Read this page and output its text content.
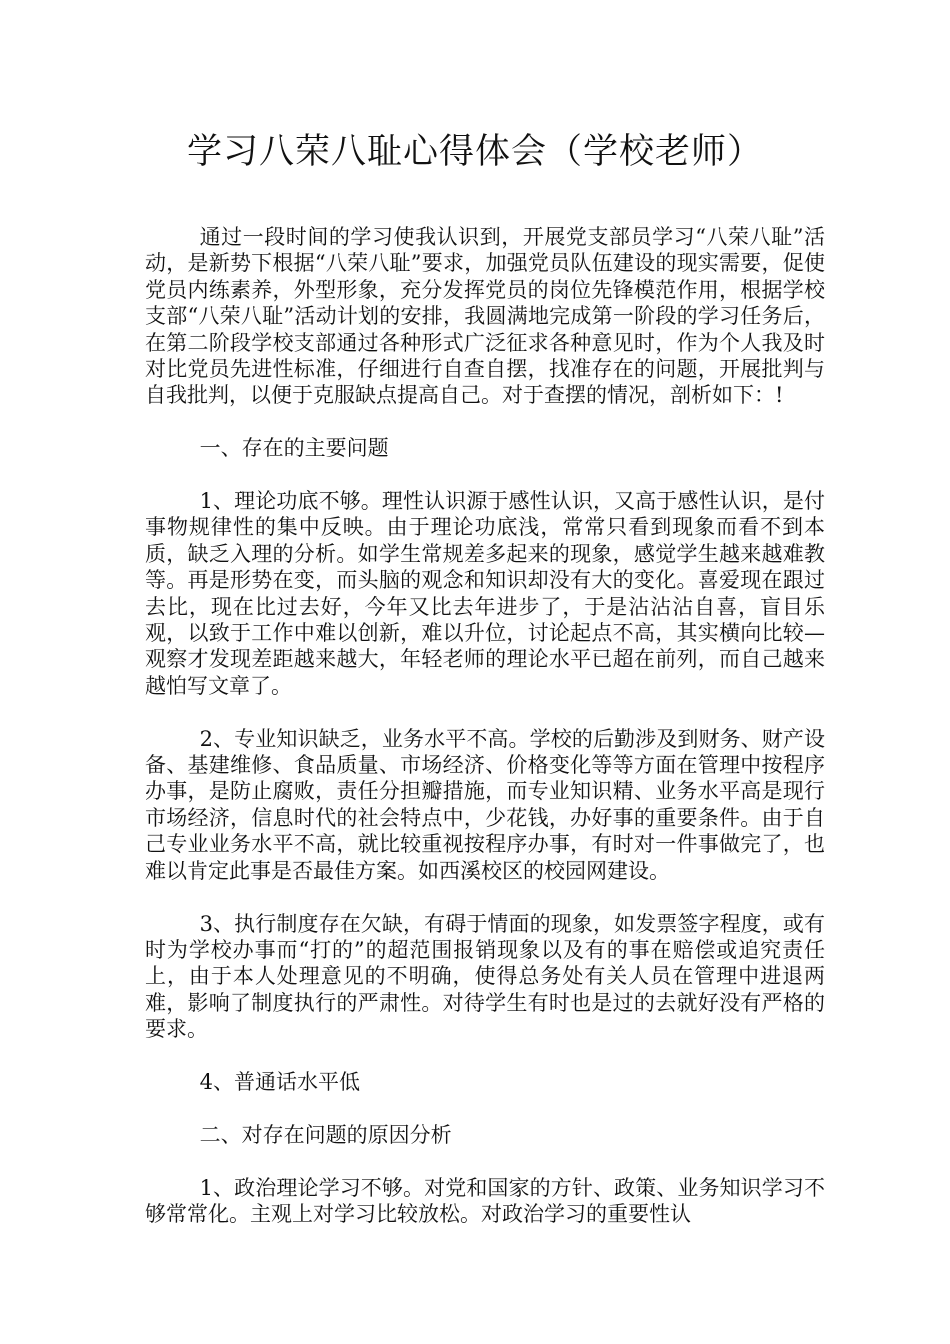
学习八荣八耻心得体会（学校老师）

通过一段时间的学习使我认识到，开展党支部员学习“八荣八耻”活动，是新势下根据“八荣八耻”要求，加强党员队伍建设的现实需要，促使党员内练素养，外型形象，充分发挥党员的岗位先锋模范作用，根据学校支部“八荣八耻”活动计划的安排，我圆满地完成第一阶段的学习任务后，在第二阶段学校支部通过各种形式广泛征求各种意见时，作为个人我及时对比党员先进性标准，仔细进行自查自摆，找准存在的问题，开展批判与自我批判，以便于克服缺点提高自己。对于查摆的情况，剖析如下：!

一、存在的主要问题

1、理论功底不够。理性认识源于感性认识，又高于感性认识，是付事物规律性的集中反映。由于理论功底浅，常常只看到现象而看不到本质，缺乏入理的分析。如学生常规差多起来的现象，感觉学生越来越难教等。再是形势在变，而头脑的观念和知识却没有大的变化。喜爱现在跟过去比，现在比过去好，今年又比去年进步了，于是沾沾沾自喜，盲目乐观，以致于工作中难以创新，难以升位，讨论起点不高，其实横向比较—观察才发现差距越来越大，年轻老师的理论水平已超在前列，而自己越来越怕写文章了。

2、专业知识缺乏，业务水平不高。学校的后勤涉及到财务、财产设备、基建维修、食品质量、市场经济、价格变化等等方面在管理中按程序办事，是防止腐败，责任分担瓣措施，而专业知识精、业务水平高是现行市场经济，信息时代的社会特点中，少花钱，办好事的重要条件。由于自己专业业务水平不高，就比较重视按程序办事，有时对一件事做完了，也难以肯定此事是否最佳方案。如西溪校区的校园网建设。

3、执行制度存在欠缺，有碍于情面的现象，如发票签字程度，或有时为学校办事而“打的”的超范围报销现象以及有的事在赔偿或追究责任上，由于本人处理意见的不明确，使得总务处有关人员在管理中进退两难，影响了制度执行的严肃性。对待学生有时也是过的去就好没有严格的要求。

4、普通话水平低

二、对存在问题的原因分析

1、政治理论学习不够。对党和国家的方针、政策、业务知识学习不够常常化。主观上对学习比较放松。对政治学习的重要性认
